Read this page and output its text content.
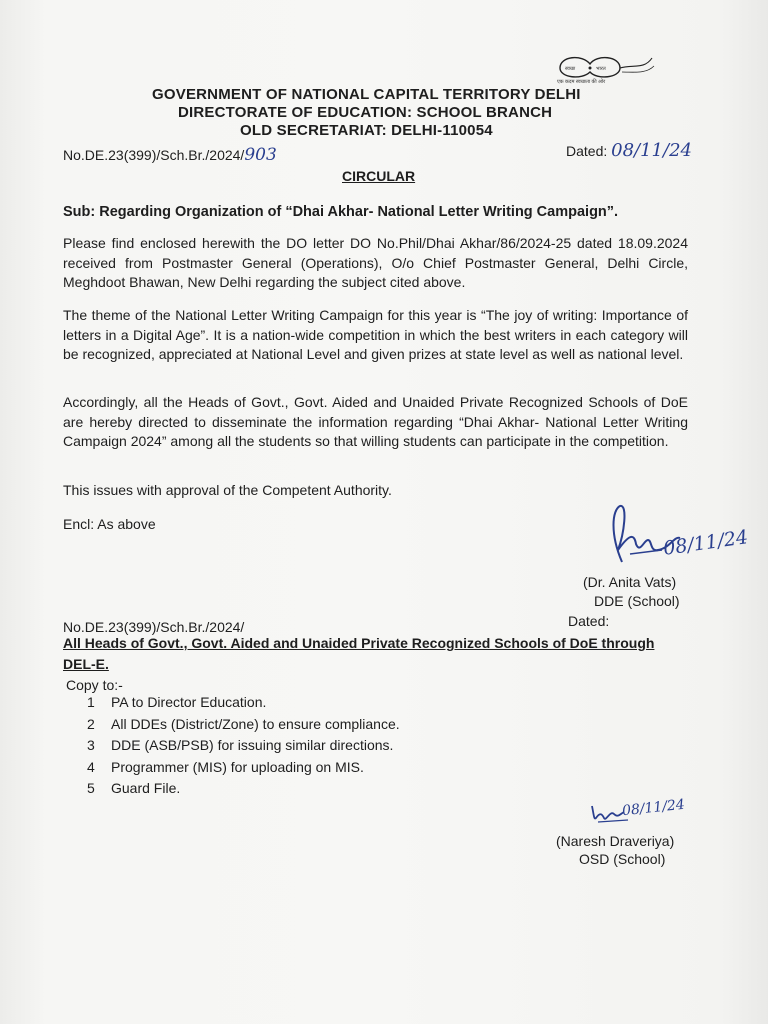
स्वच्छ	भारत
एक कदम स्वच्छता की ओर
GOVERNMENT OF NATIONAL CAPITAL TERRITORY DELHI
DIRECTORATE OF EDUCATION: SCHOOL BRANCH
OLD SECRETARIAT: DELHI-110054
No.DE.23(399)/Sch.Br./2024/903	Dated: 08/11/24
CIRCULAR
Sub: Regarding Organization of “Dhai Akhar- National Letter Writing Campaign”.
Please find enclosed herewith the DO letter DO No.Phil/Dhai Akhar/86/2024-25 dated 18.09.2024 received from Postmaster General (Operations), O/o Chief Postmaster General, Delhi Circle, Meghdoot Bhawan, New Delhi regarding the subject cited above.
The theme of the National Letter Writing Campaign for this year is “The joy of writing: Importance of letters in a Digital Age”. It is a nation-wide competition in which the best writers in each category will be recognized, appreciated at National Level and given prizes at state level as well as national level.
Accordingly, all the Heads of Govt., Govt. Aided and Unaided Private Recognized Schools of DoE are hereby directed to disseminate the information regarding “Dhai Akhar- National Letter Writing Campaign 2024” among all the students so that willing students can participate in the competition.
This issues with approval of the Competent Authority.
Encl: As above
08/11/24
(Dr. Anita Vats)
DDE (School)
No.DE.23(399)/Sch.Br./2024/	Dated:
All Heads of Govt., Govt. Aided and Unaided Private Recognized Schools of DoE through
DEL-E.
Copy to:-
1 PA to Director Education.
2 All DDEs (District/Zone) to ensure compliance.
3 DDE (ASB/PSB) for issuing similar directions.
4 Programmer (MIS) for uploading on MIS.
5 Guard File.
08/11/24
(Naresh Draveriya)
OSD (School)
